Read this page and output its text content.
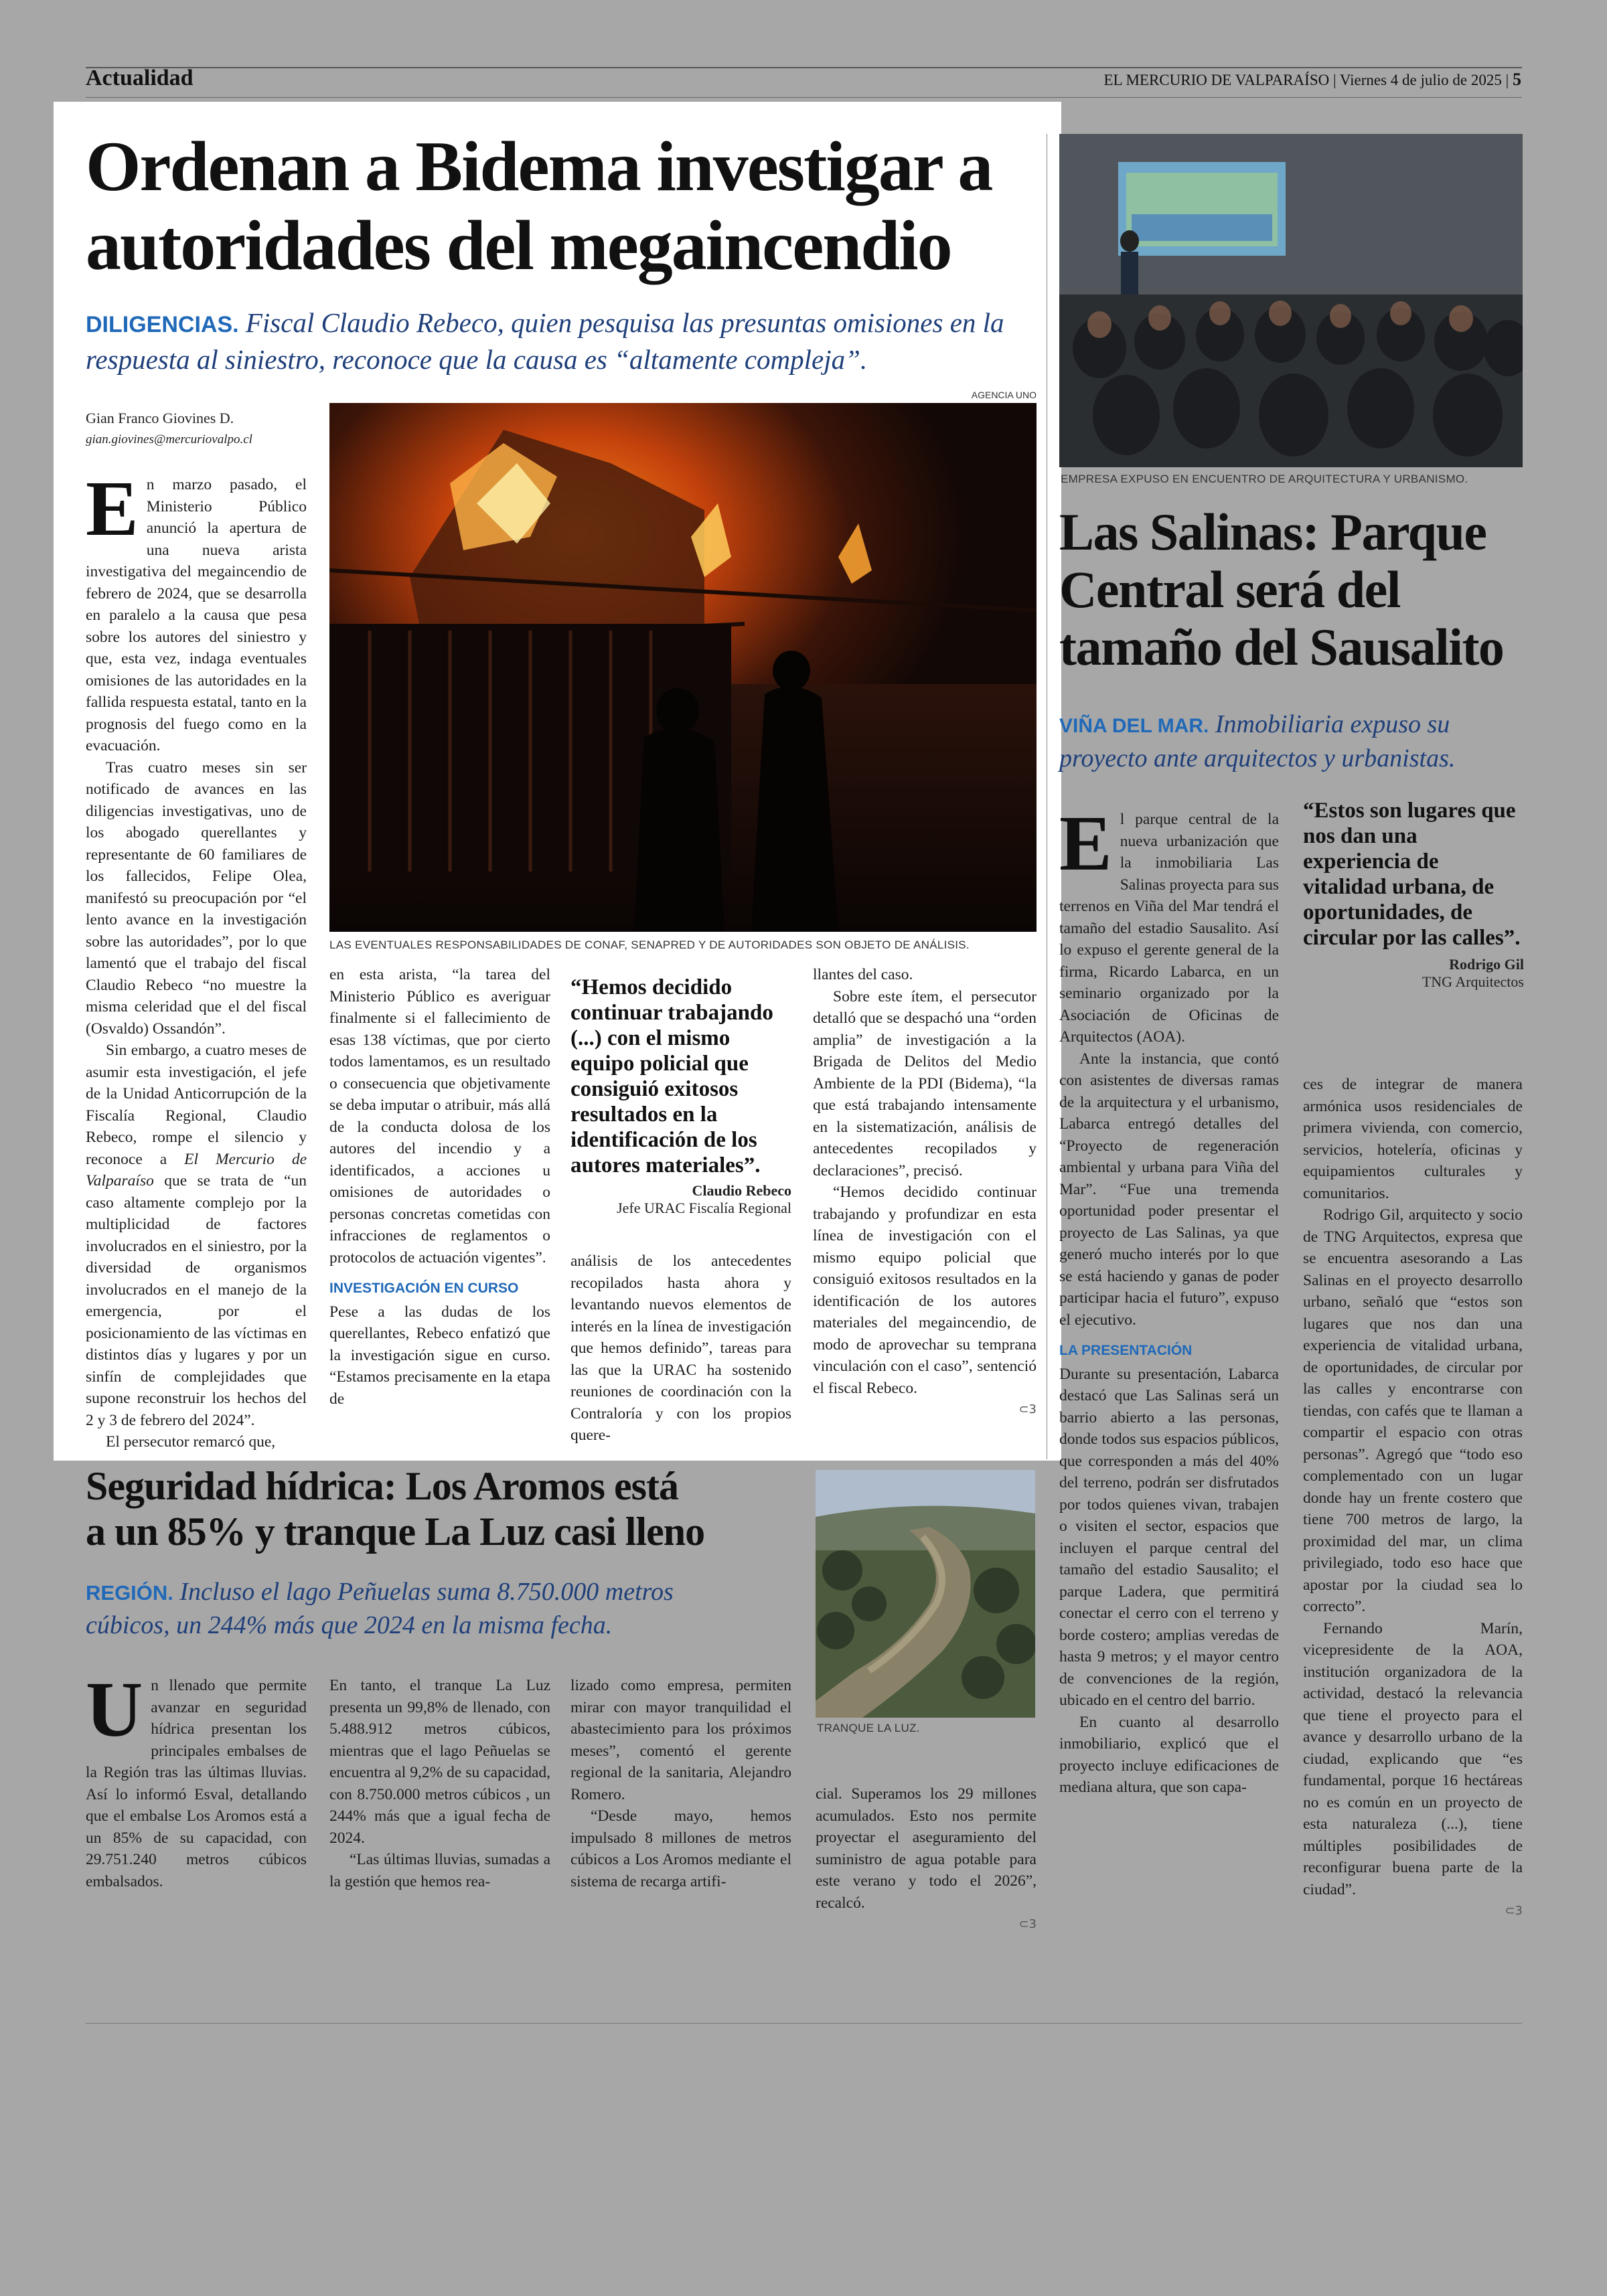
Actualidad	EL MERCURIO DE VALPARAÍSO | Viernes 4 de julio de 2025 | 5
Ordenan a Bidema investigar a
autoridades del megaincendio
DILIGENCIAS. Fiscal Claudio Rebeco, quien pesquisa las presuntas omisiones en la
respuesta al siniestro, reconoce que la causa es “altamente compleja”.
Gian Franco Giovines D.
gian.giovines@mercuriovalpo.cl
AGENCIA UNO
LAS EVENTUALES RESPONSABILIDADES DE CONAF, SENAPRED Y DE AUTORIDADES SON OBJETO DE ANÁLISIS.

En marzo pasado, el Ministerio Público anunció la apertura de una nueva arista investigativa del megaincendio de febrero de 2024, que se desarrolla en paralelo a la causa que pesa sobre los autores del siniestro y que, esta vez, indaga eventuales omisiones de las autoridades en la fallida respuesta estatal, tanto en la prognosis del fuego como en la evacuación.

Tras cuatro meses sin ser notificado de avances en las diligencias investigativas, uno de los abogado querellantes y representante de 60 familiares de los fallecidos, Felipe Olea, manifestó su preocupación por “el lento avance en la investigación sobre las autoridades”, por lo que lamentó que el trabajo del fiscal Claudio Rebeco “no muestre la misma celeridad que el del fiscal (Osvaldo) Ossandón”.

Sin embargo, a cuatro meses de asumir esta investigación, el jefe de la Unidad Anticorrupción de la Fiscalía Regional, Claudio Rebeco, rompe el silencio y reconoce a El Mercurio de Valparaíso que se trata de “un caso altamente complejo por la multiplicidad de factores involucrados en el siniestro, por la diversidad de organismos involucrados en el manejo de la emergencia, por el posicionamiento de las víctimas en distintos días y lugares y por un sinfín de complejidades que supone reconstruir los hechos del 2 y 3 de febrero del 2024”.

El persecutor remarcó que,

en esta arista, “la tarea del Ministerio Público es averiguar finalmente si el fallecimiento de esas 138 víctimas, que por cierto todos lamentamos, es un resultado o consecuencia que objetivamente se deba imputar o atribuir, más allá de la conducta dolosa de los autores del incendio y a identificados, a acciones u omisiones de autoridades o personas concretas cometidas con infracciones de reglamentos o protocolos de actuación vigentes”.

INVESTIGACIÓN EN CURSO

Pese a las dudas de los querellantes, Rebeco enfatizó que la investigación sigue en curso. “Estamos precisamente en la etapa de

“Hemos decidido continuar trabajando (...) con el mismo equipo policial que consiguió exitosos resultados en la identificación de los autores materiales”.
Claudio Rebeco
Jefe URAC Fiscalía Regional

análisis de los antecedentes recopilados hasta ahora y levantando nuevos elementos de interés en la línea de investigación que hemos definido”, tareas para las que la URAC ha sostenido reuniones de coordinación con la Contraloría y con los propios quere-

llantes del caso.

Sobre este ítem, el persecutor detalló que se despachó una “orden amplia” de investigación a la Brigada de Delitos del Medio Ambiente de la PDI (Bidema), “la que está trabajando intensamente en la sistematización, análisis de antecedentes recopilados y declaraciones”, precisó.

“Hemos decidido continuar trabajando y profundizar en esta línea de investigación con el mismo equipo policial que consiguió exitosos resultados en la identificación de los autores materiales del megaincendio, de modo de aprovechar su temprana vinculación con el caso”, sentenció el fiscal Rebeco.

⊂3
EMPRESA EXPUSO EN ENCUENTRO DE ARQUITECTURA Y URBANISMO.
Las Salinas: Parque
Central será del
tamaño del Sausalito
VIÑA DEL MAR. Inmobiliaria expuso su
proyecto ante arquitectos y urbanistas.

El parque central de la nueva urbanización que la inmobiliaria Las Salinas proyecta para sus terrenos en Viña del Mar tendrá el tamaño del estadio Sausalito. Así lo expuso el gerente general de la firma, Ricardo Labarca, en un seminario organizado por la Asociación de Oficinas de Arquitectos (AOA).

Ante la instancia, que contó con asistentes de diversas ramas de la arquitectura y el urbanismo, Labarca entregó detalles del “Proyecto de regeneración ambiental y urbana para Viña del Mar”. “Fue una tremenda oportunidad poder presentar el proyecto de Las Salinas, ya que generó mucho interés por lo que se está haciendo y ganas de poder participar hacia el futuro”, expuso el ejecutivo.

LA PRESENTACIÓN

Durante su presentación, Labarca destacó que Las Salinas será un barrio abierto a las personas, donde todos sus espacios públicos, que corresponden a más del 40% del terreno, podrán ser disfrutados por todos quienes vivan, trabajen o visiten el sector, espacios que incluyen el parque central del tamaño del estadio Sausalito; el parque Ladera, que permitirá conectar el cerro con el terreno y borde costero; amplias veredas de hasta 9 metros; y el mayor centro de convenciones de la región, ubicado en el centro del barrio.

En cuanto al desarrollo inmobiliario, explicó que el proyecto incluye edificaciones de mediana altura, que son capa-

“Estos son lugares que nos dan una experiencia de vitalidad urbana, de oportunidades, de circular por las calles”.
Rodrigo Gil
TNG Arquitectos

ces de integrar de manera armónica usos residenciales de primera vivienda, con comercio, servicios, hotelería, oficinas y equipamientos culturales y comunitarios.

Rodrigo Gil, arquitecto y socio de TNG Arquitectos, expresa que se encuentra asesorando a Las Salinas en el proyecto desarrollo urbano, señaló que “estos son lugares que nos dan una experiencia de vitalidad urbana, de oportunidades, de circular por las calles y encontrarse con tiendas, con cafés que te llaman a compartir el espacio con otras personas”. Agregó que “todo eso complementado con un lugar donde hay un frente costero que tiene 700 metros de largo, la proximidad del mar, un clima privilegiado, todo eso hace que apostar por la ciudad sea lo correcto”.

Fernando Marín, vicepresidente de la AOA, institución organizadora de la actividad, destacó la relevancia que tiene el proyecto para el avance y desarrollo urbano de la ciudad, explicando que “es fundamental, porque 16 hectáreas no es común en un proyecto de esta naturaleza (...), tiene múltiples posibilidades de reconfigurar buena parte de la ciudad”.

⊂3
Seguridad hídrica: Los Aromos está
a un 85% y tranque La Luz casi lleno
REGIÓN. Incluso el lago Peñuelas suma 8.750.000 metros
cúbicos, un 244% más que 2024 en la misma fecha.

Un llenado que permite avanzar en seguridad hídrica presentan los principales embalses de la Región tras las últimas lluvias. Así lo informó Esval, detallando que el embalse Los Aromos está a un 85% de su capacidad, con 29.751.240 metros cúbicos embalsados.

En tanto, el tranque La Luz presenta un 99,8% de llenado, con 5.488.912 metros cúbicos, mientras que el lago Peñuelas se encuentra al 9,2% de su capacidad, con 8.750.000 metros cúbicos , un 244% más que a igual fecha de 2024.

“Las últimas lluvias, sumadas a la gestión que hemos rea-

lizado como empresa, permiten mirar con mayor tranquilidad el abastecimiento para los próximos meses”, comentó el gerente regional de la sanitaria, Alejandro Romero.

“Desde mayo, hemos impulsado 8 millones de metros cúbicos a Los Aromos mediante el sistema de recarga artifi-

TRANQUE LA LUZ.

cial. Superamos los 29 millones acumulados. Esto nos permite proyectar el aseguramiento del suministro de agua potable para este verano y todo el 2026”, recalcó.

⊂3
